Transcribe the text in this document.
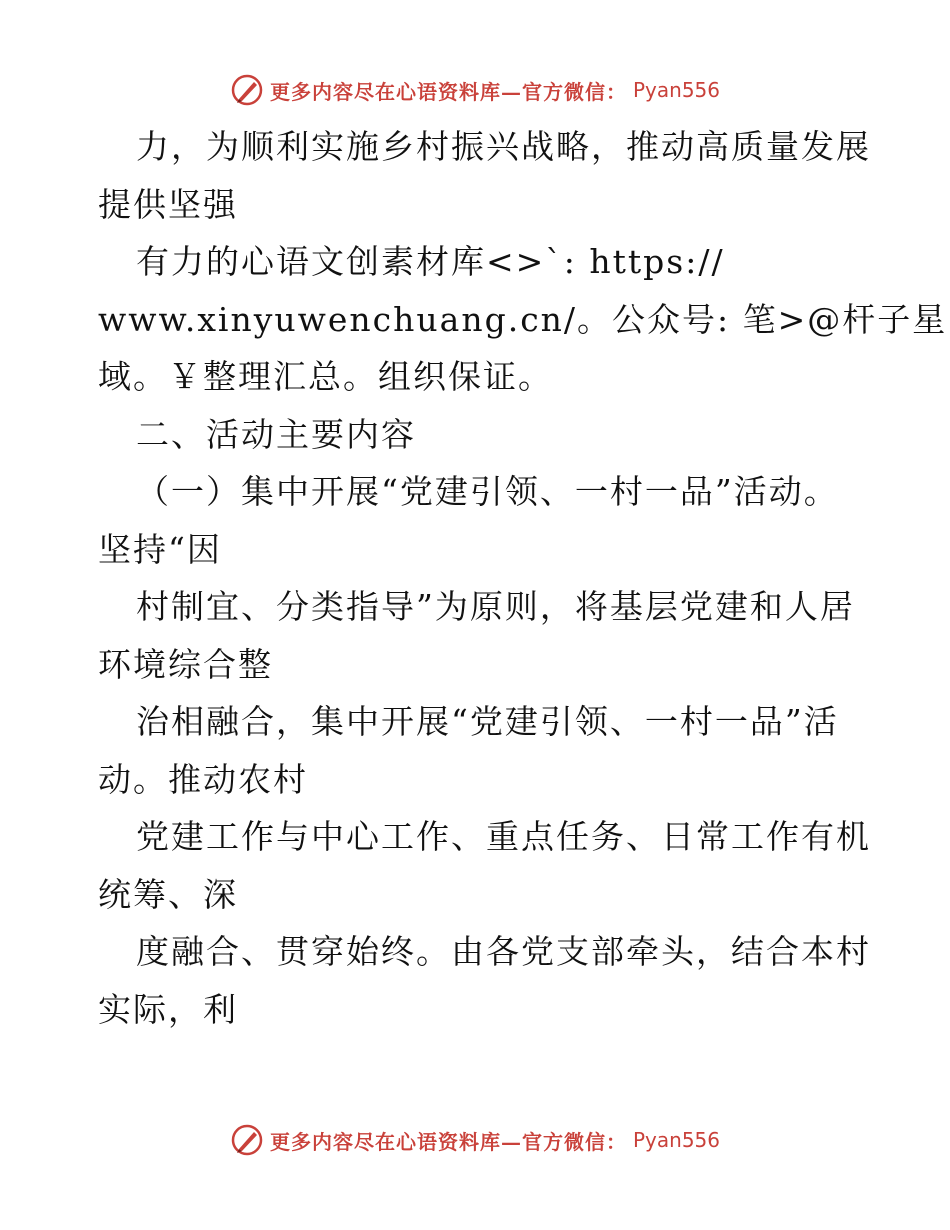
更多内容尽在心语资料库—官方微信： Pyan556
力，为顺利实施乡村振兴战略，推动高质量发展
提供坚强
有力的心语文创素材库<>`: https://
www.xinyuwenchuang.cn/。公众号: 笔>@杆子星
域。￥整理汇总。组织保证。
二、活动主要内容
（一）集中开展“党建引领、一村一品”活动。
坚持“因
村制宜、分类指导”为原则，将基层党建和人居
环境综合整
治相融合，集中开展“党建引领、一村一品”活
动。推动农村
党建工作与中心工作、重点任务、日常工作有机
统筹、深
度融合、贯穿始终。由各党支部牵头，结合本村
实际，利
更多内容尽在心语资料库—官方微信： Pyan556
